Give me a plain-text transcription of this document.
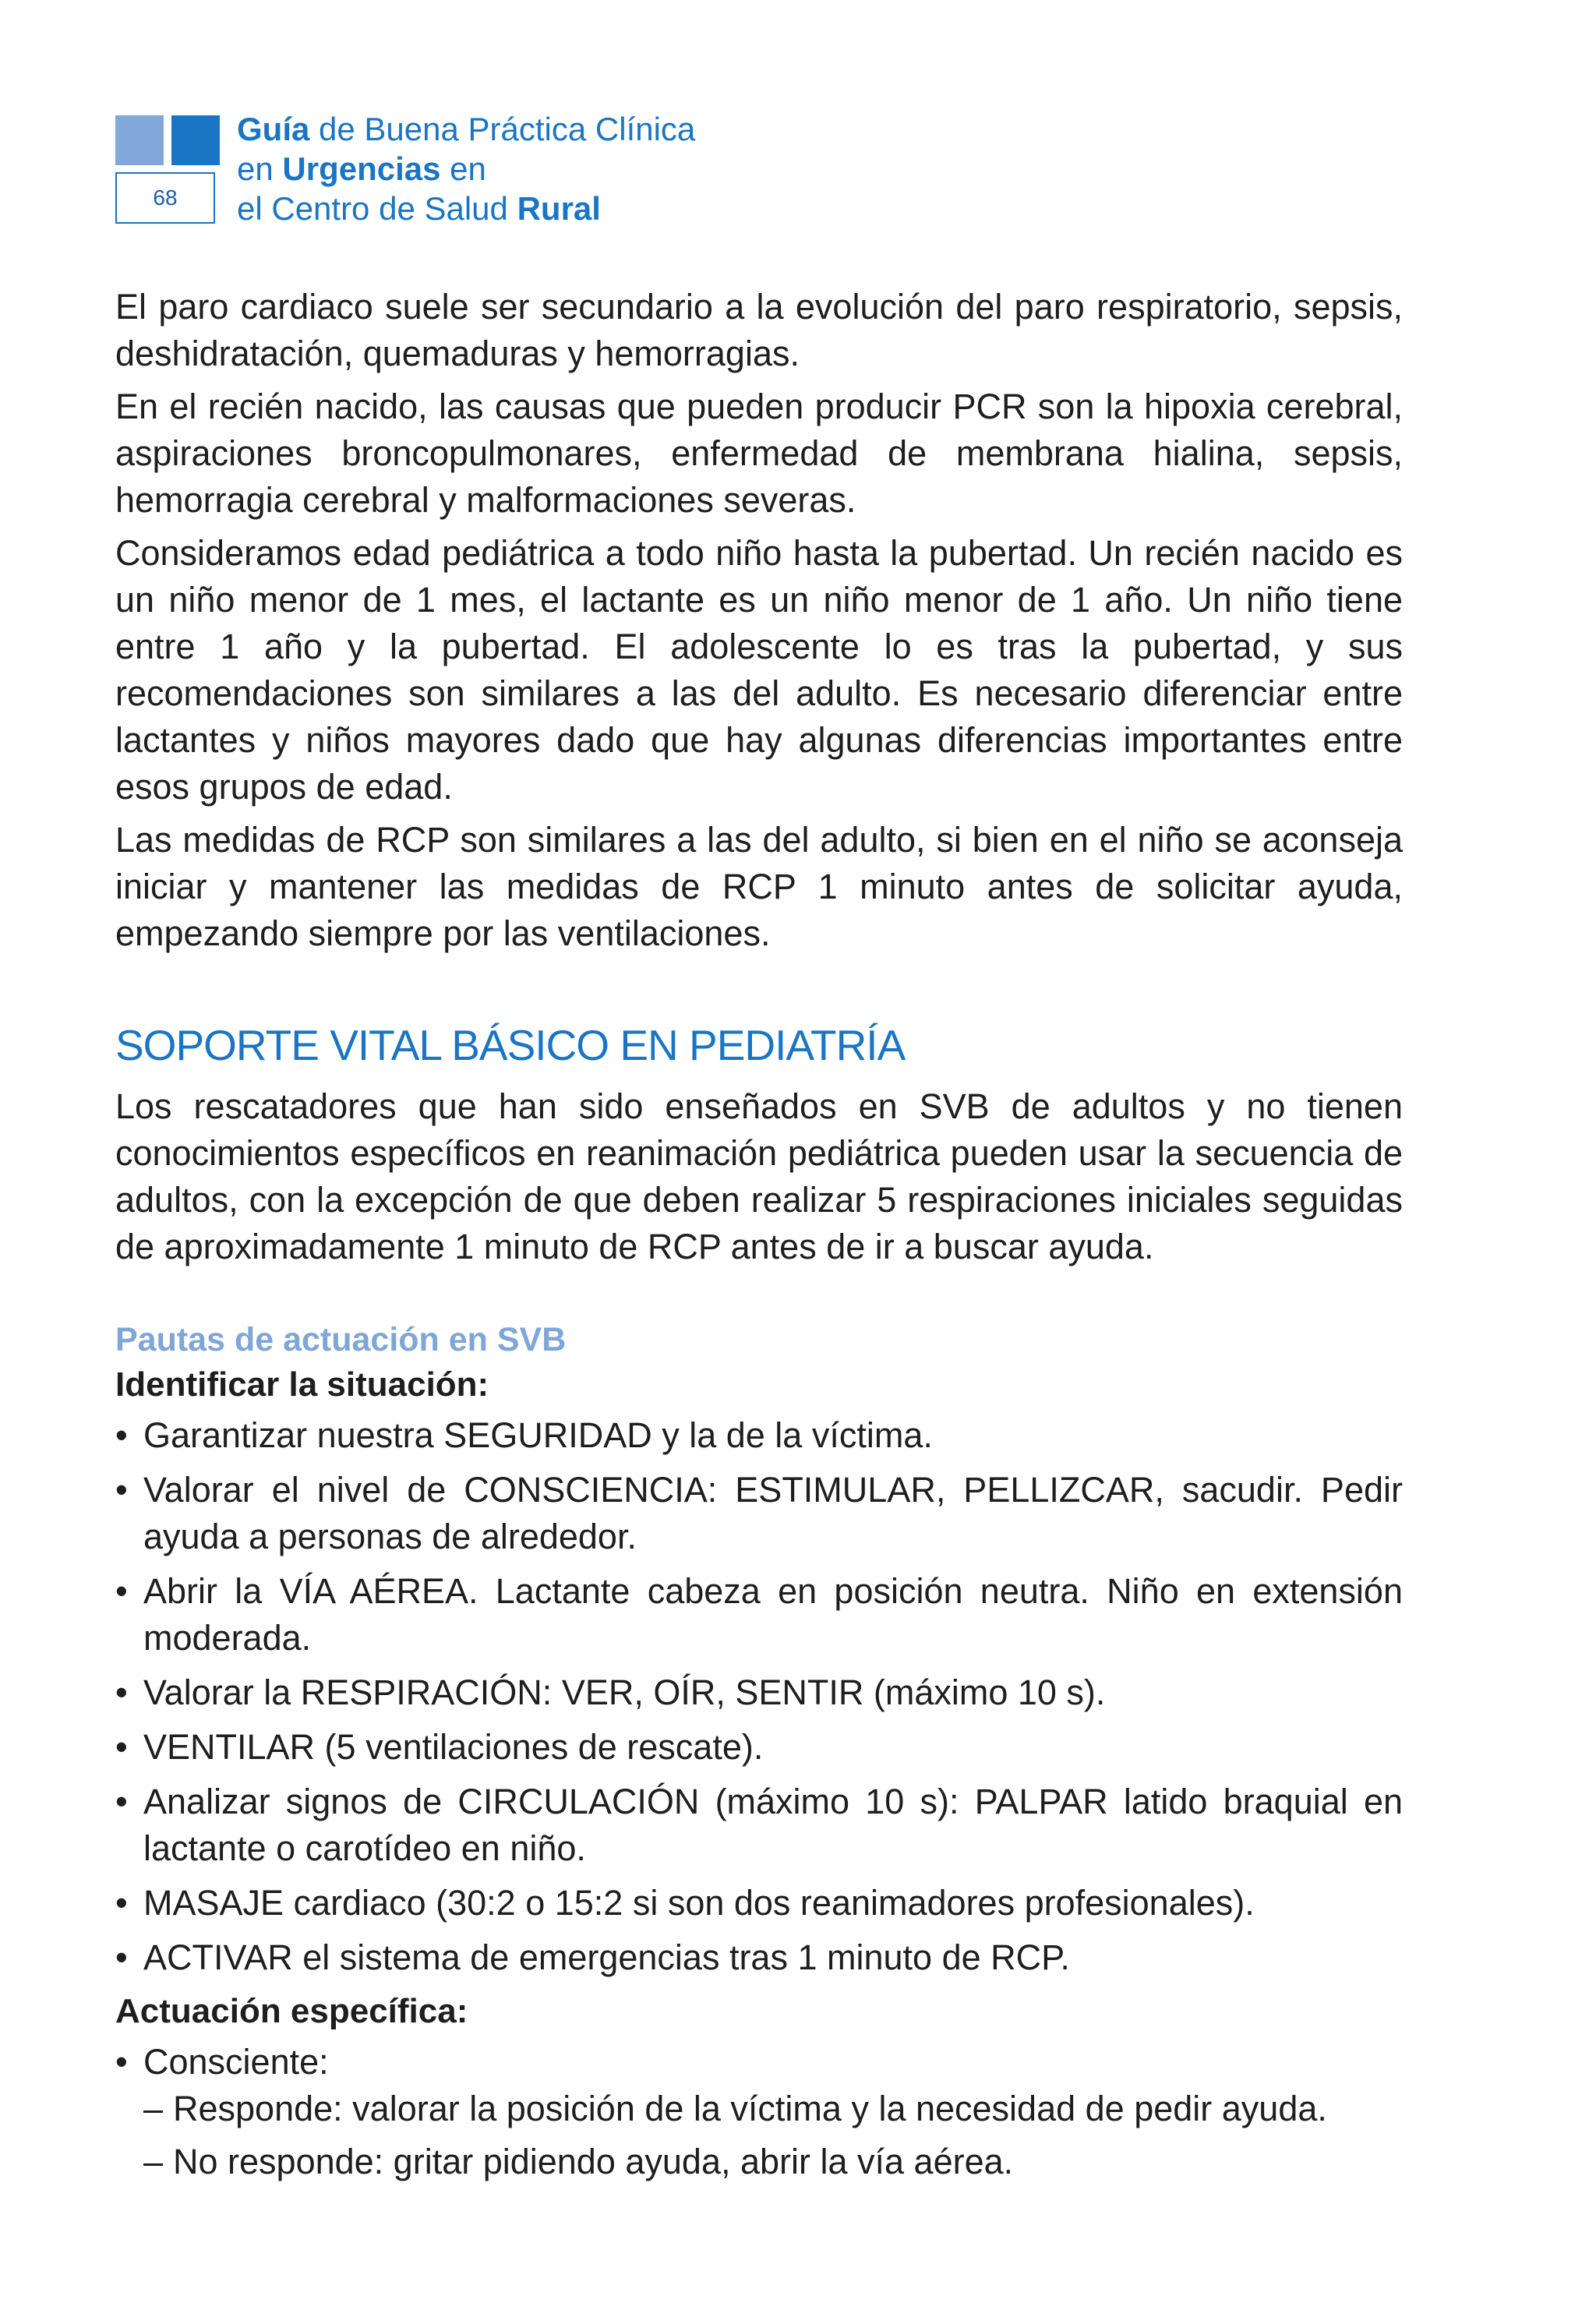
68
Guía de Buena Práctica Clínica
en Urgencias en
el Centro de Salud Rural

El paro cardiaco suele ser secundario a la evolución del paro respiratorio, sepsis, deshidratación, quemaduras y hemorragias.

En el recién nacido, las causas que pueden producir PCR son la hipoxia cerebral, aspiraciones broncopulmonares, enfermedad de membrana hialina, sepsis, hemorragia cerebral y malformaciones severas.

Consideramos edad pediátrica a todo niño hasta la pubertad. Un recién nacido es un niño menor de 1 mes, el lactante es un niño menor de 1 año. Un niño tiene entre 1 año y la pubertad. El adolescente lo es tras la pubertad, y sus recomendaciones son similares a las del adulto. Es necesario diferenciar entre lactantes y niños mayores dado que hay algunas diferencias importantes entre esos grupos de edad.

Las medidas de RCP son similares a las del adulto, si bien en el niño se aconseja iniciar y mantener las medidas de RCP 1 minuto antes de solicitar ayuda, empezando siempre por las ventilaciones.

SOPORTE VITAL BÁSICO EN PEDIATRÍA

Los rescatadores que han sido enseñados en SVB de adultos y no tienen conocimientos específicos en reanimación pediátrica pueden usar la secuencia de adultos, con la excepción de que deben realizar 5 respiraciones iniciales seguidas de aproximadamente 1 minuto de RCP antes de ir a buscar ayuda.

Pautas de actuación en SVB
Identificar la situación:
• Garantizar nuestra SEGURIDAD y la de la víctima.
• Valorar el nivel de CONSCIENCIA: ESTIMULAR, PELLIZCAR, sacudir. Pedir ayuda a personas de alrededor.
• Abrir la VÍA AÉREA. Lactante cabeza en posición neutra. Niño en extensión moderada.
• Valorar la RESPIRACIÓN: VER, OÍR, SENTIR (máximo 10 s).
• VENTILAR (5 ventilaciones de rescate).
• Analizar signos de CIRCULACIÓN (máximo 10 s): PALPAR latido braquial en lactante o carotídeo en niño.
• MASAJE cardiaco (30:2 o 15:2 si son dos reanimadores profesionales).
• ACTIVAR el sistema de emergencias tras 1 minuto de RCP.
Actuación específica:
• Consciente:
– Responde: valorar la posición de la víctima y la necesidad de pedir ayuda.
– No responde: gritar pidiendo ayuda, abrir la vía aérea.
